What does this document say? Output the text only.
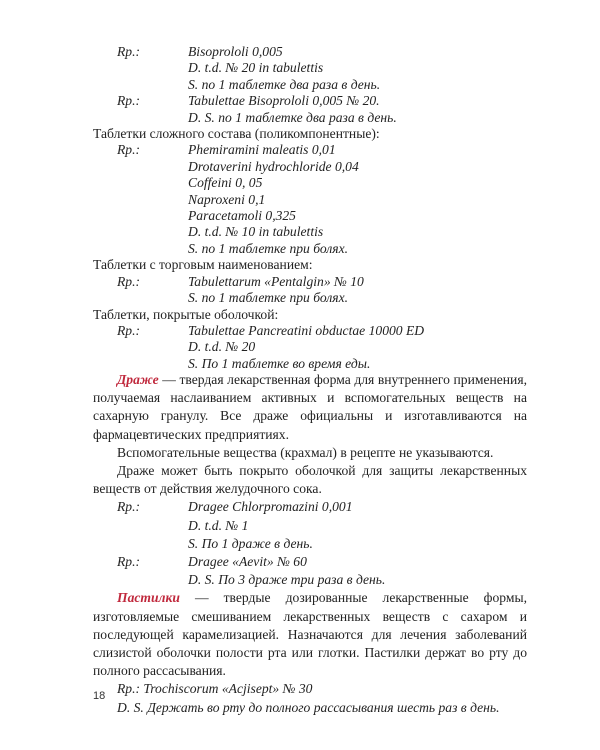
Rp.:	Bisoprololi 0,005
D. t.d. № 20 in tabulettis
S. по 1 таблетке два раза в день.
Rp.:	Tabulettae Bisoprololi 0,005 № 20.
D. S. по 1 таблетке два раза в день.
Таблетки сложного состава (поликомпонентные):
Rp.:	Phemiramini maleatis 0,01
Drotaverini hydrochloride 0,04
Coffeini 0, 05
Naproxeni 0,1
Paracetamoli 0,325
D. t.d. № 10 in tabulettis
S. по 1 таблетке при болях.
Таблетки с торговым наименованием:
Rp.:	Tabulettarum «Pentalgin» № 10
S. по 1 таблетке при болях.
Таблетки, покрытые оболочкой:
Rp.:	Tabulettae Pancreatini obductae 10000 ED
D. t.d. № 20
S. По 1 таблетке во время еды.
Драже — твердая лекарственная форма для внутреннего применения, получаемая наслаиванием активных и вспомогательных веществ на сахарную гранулу. Все драже официальны и изготавливаются на фармацевтических предприятиях.
Вспомогательные вещества (крахмал) в рецепте не указываются.
Драже может быть покрыто оболочкой для защиты лекарственных веществ от действия желудочного сока.
Rp.:	Dragee Chlorpromazini 0,001
D. t.d. № 1
S. По 1 драже в день.
Rp.:	Dragee «Aevit» № 60
D. S. По 3 драже три раза в день.
Пастилки — твердые дозированные лекарственные формы, изготовляемые смешиванием лекарственных веществ с сахаром и последующей карамелизацией. Назначаются для лечения заболеваний слизистой оболочки полости рта или глотки. Пастилки держат во рту до полного рассасывания.
Rp.: Trochiscorum «Aсjisept» № 30
D. S. Держать во рту до полного рассасывания шесть раз в день.
18
